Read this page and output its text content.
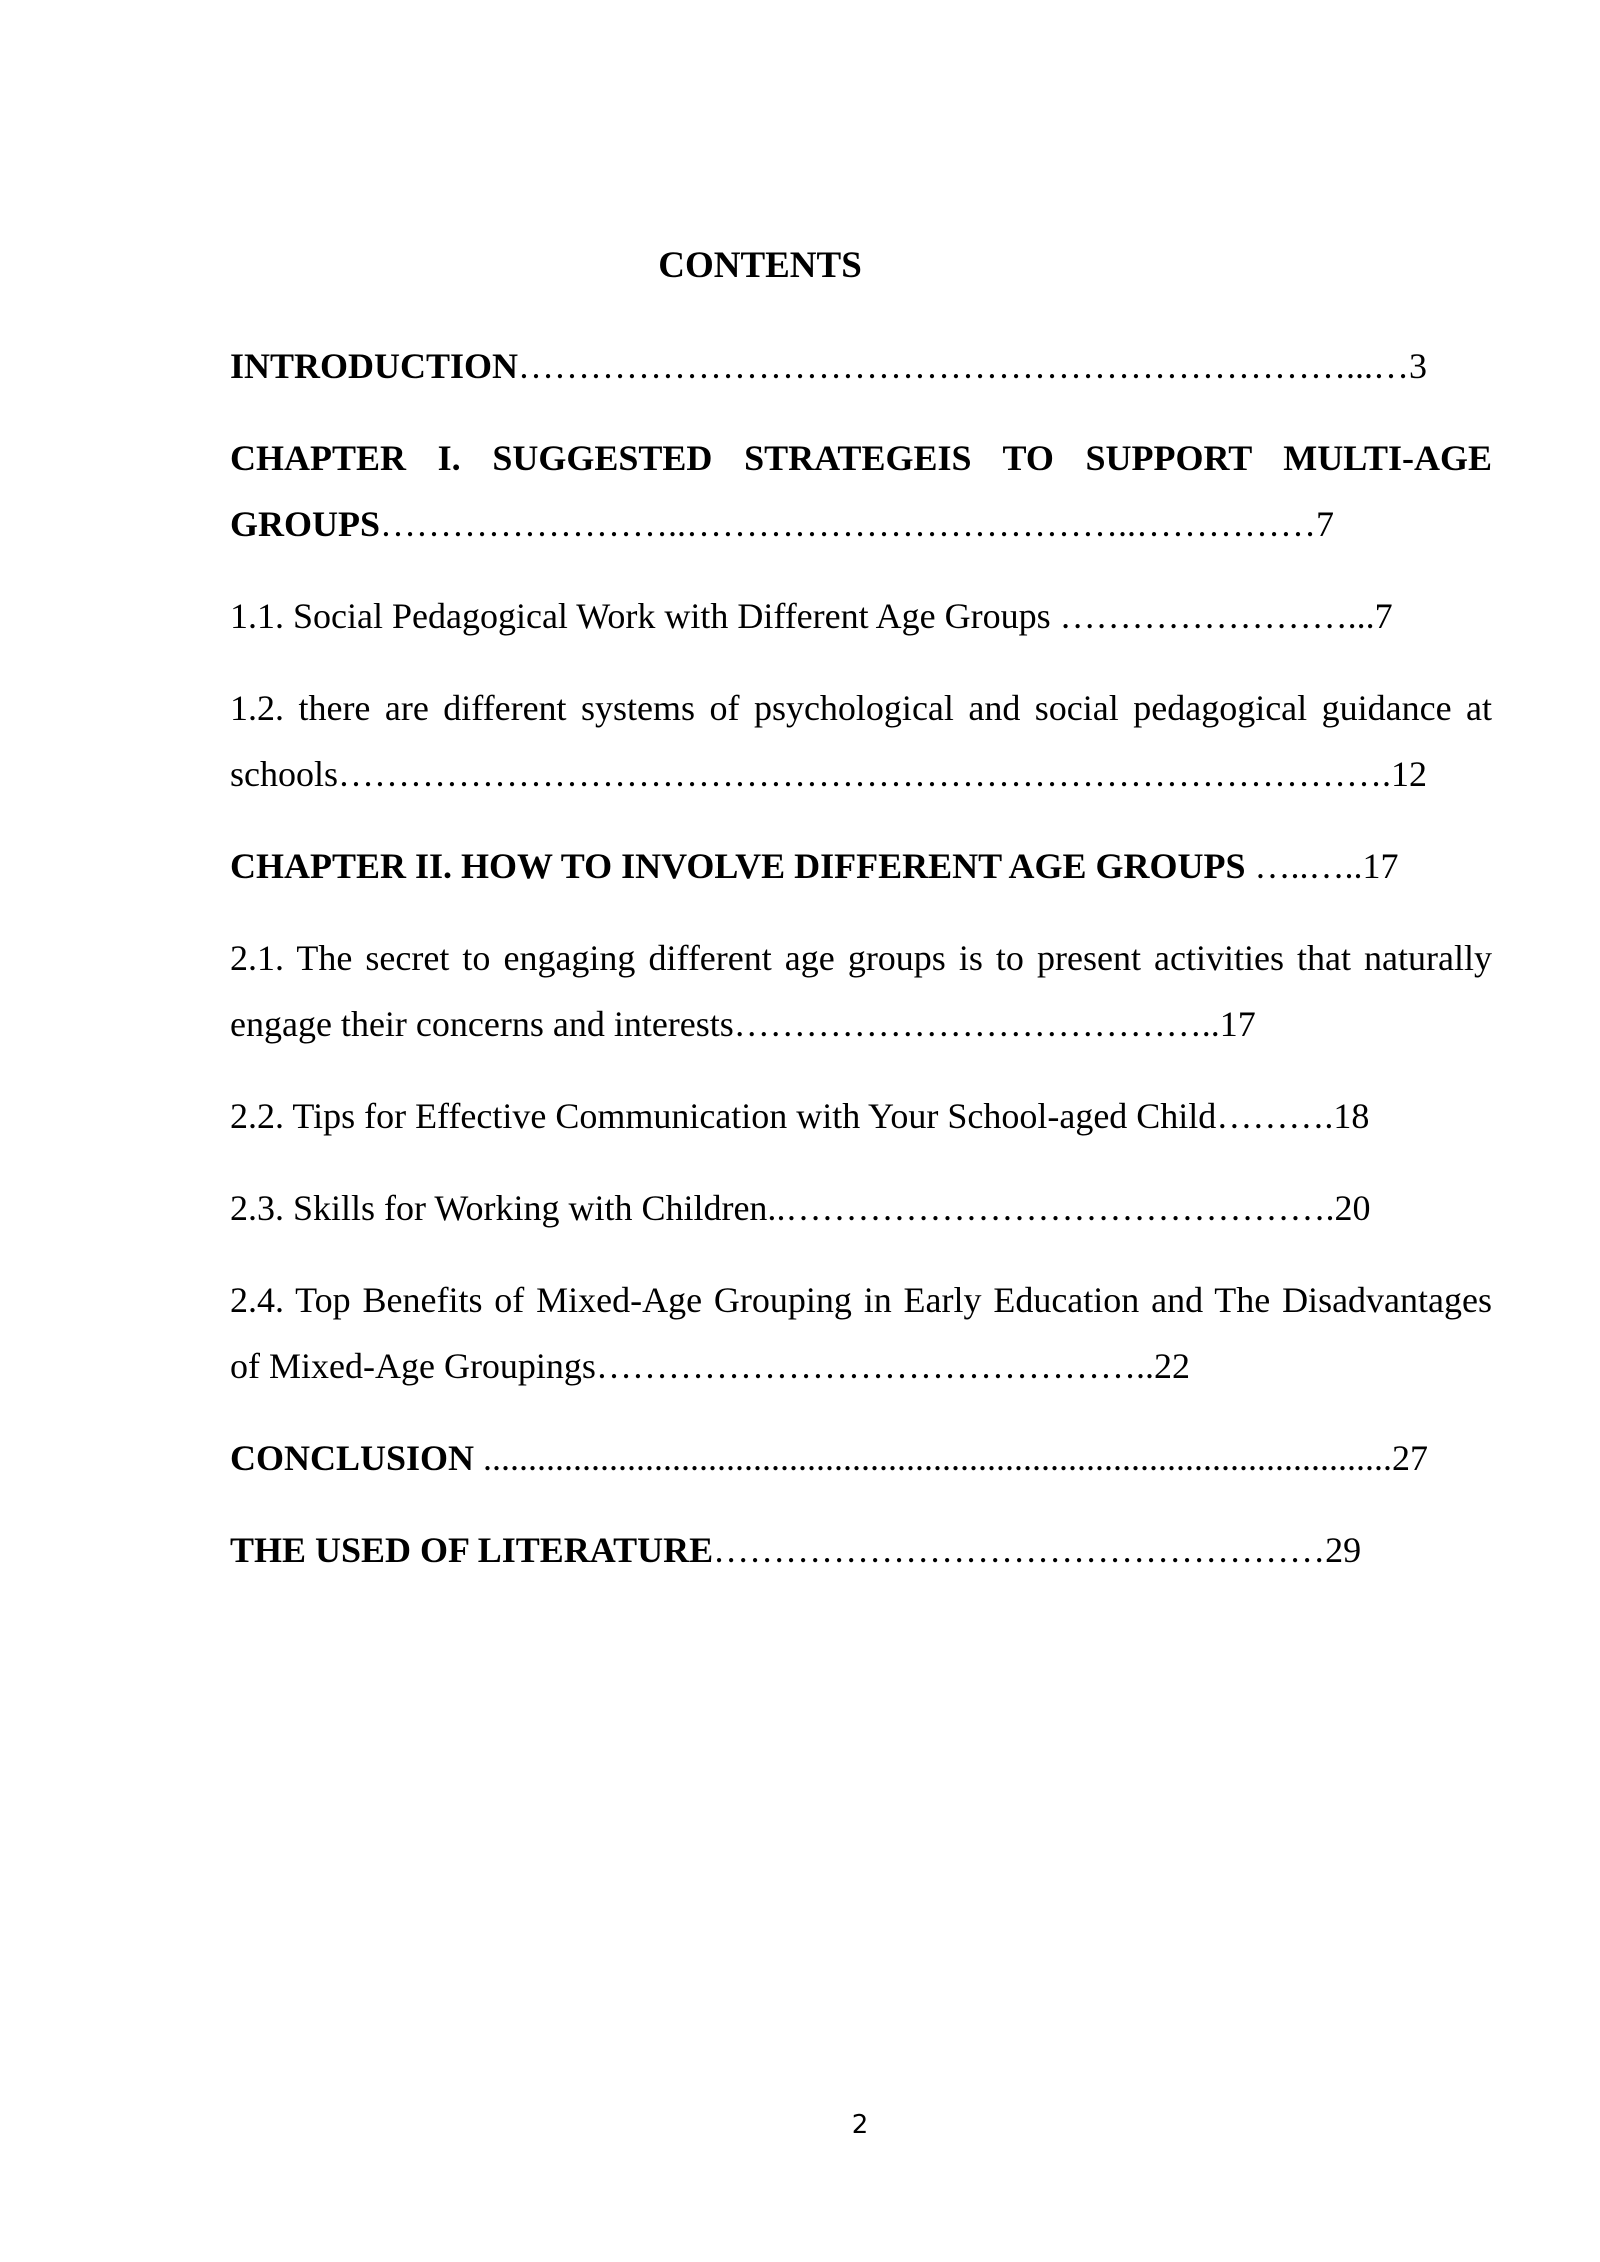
CONTENTS
INTRODUCTION……………………………………………………………...…3
CHAPTER I. SUGGESTED STRATEGEIS TO SUPPORT MULTI-AGE GROUPS……………………..………………………………..……………7
1.1. Social Pedagogical Work with Different Age Groups ……………………...7
1.2. there are different systems of psychological and social pedagogical guidance at schools…………………………………………………………………………….12
CHAPTER II. HOW TO INVOLVE DIFFERENT AGE GROUPS …..…..17
2.1. The secret to engaging different age groups is to present activities that naturally engage their concerns and interests…………………………………..17
2.2. Tips for Effective Communication with Your School-aged Child……….18
2.3. Skills for Working with Children..……………………………………….20
2.4. Top Benefits of Mixed-Age Grouping in Early Education and The Disadvantages of Mixed-Age Groupings………………………………………..22
CONCLUSION .....................................................................................................27
THE USED OF LITERATURE……………………………………………29
2
